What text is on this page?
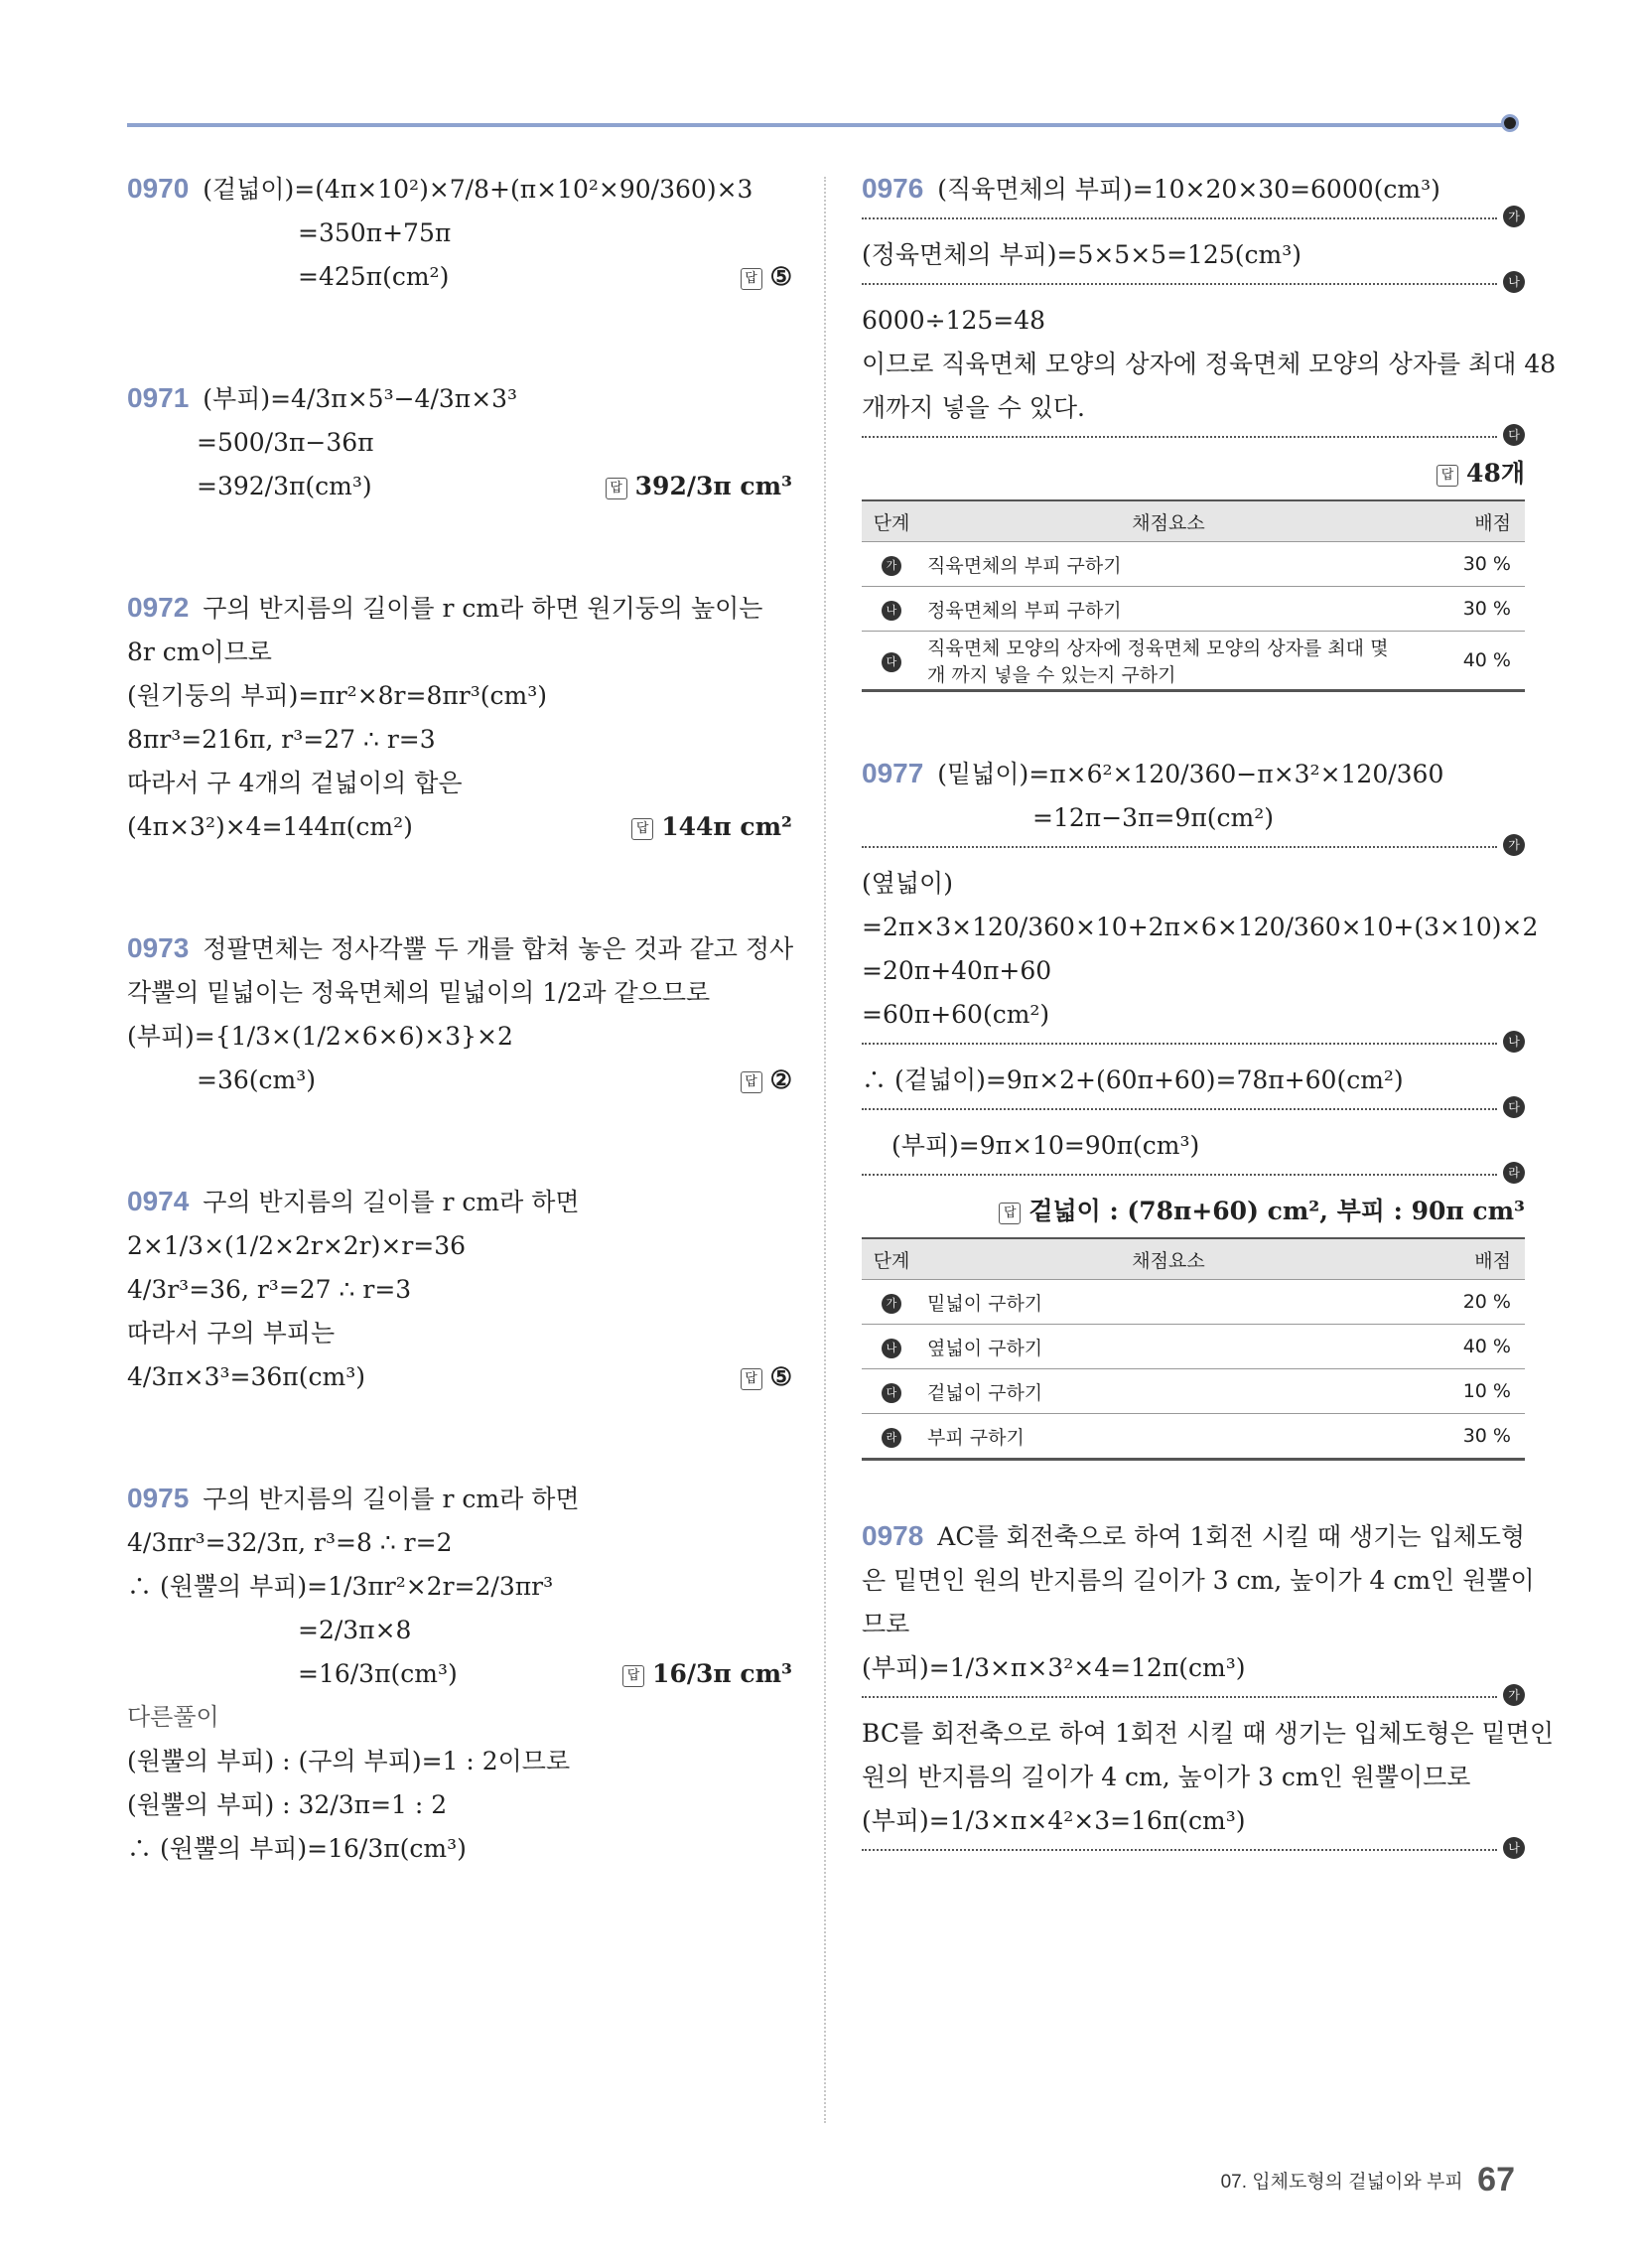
0970 (겉넓이)=(4π×10²)×7/8+(π×10²×90/360)×3
=350π+75π
=425π(cm²)	답 ⑤
0971 (부피)=4/3π×5³−4/3π×3³
=500/3π−36π
=392/3π(cm³)	답 392/3π cm³
0972 구의 반지름의 길이를 r cm라 하면 원기둥의 높이는
8r cm이므로
(원기둥의 부피)=πr²×8r=8πr³(cm³)
8πr³=216π, r³=27 ∴ r=3
따라서 구 4개의 겉넓이의 합은
(4π×3²)×4=144π(cm²)	답 144π cm²
0973 정팔면체는 정사각뿔 두 개를 합쳐 놓은 것과 같고 정사
각뿔의 밑넓이는 정육면체의 밑넓이의 1/2과 같으므로
(부피)={1/3×(1/2×6×6)×3}×2
=36(cm³)	답 ②
0974 구의 반지름의 길이를 r cm라 하면
2×1/3×(1/2×2r×2r)×r=36
4/3r³=36, r³=27 ∴ r=3
따라서 구의 부피는
4/3π×3³=36π(cm³)	답 ⑤
0975 구의 반지름의 길이를 r cm라 하면
4/3πr³=32/3π, r³=8 ∴ r=2
∴ (원뿔의 부피)=1/3πr²×2r=2/3πr³
=2/3π×8
=16/3π(cm³)	답 16/3π cm³
다른풀이
(원뿔의 부피) : (구의 부피)=1 : 2이므로
(원뿔의 부피) : 32/3π=1 : 2
∴ (원뿔의 부피)=16/3π(cm³)
0976 (직육면체의 부피)=10×20×30=6000(cm³)
가
(정육면체의 부피)=5×5×5=125(cm³)
나
6000÷125=48
이므로 직육면체 모양의 상자에 정육면체 모양의 상자를 최대 48
개까지 넣을 수 있다.
다
답 48개
단계	채점요소	배점
가	직육면체의 부피 구하기	30 %
나	정육면체의 부피 구하기	30 %
다	직육면체 모양의 상자에 정육면체 모양의 상자를 최대 몇 개 까지 넣을 수 있는지 구하기	40 %
0977 (밑넓이)=π×6²×120/360−π×3²×120/360
=12π−3π=9π(cm²)
가
(옆넓이)
=2π×3×120/360×10+2π×6×120/360×10+(3×10)×2
=20π+40π+60
=60π+60(cm²)
나
∴ (겉넓이)=9π×2+(60π+60)=78π+60(cm²)
다
(부피)=9π×10=90π(cm³)
라
답 겉넓이 : (78π+60) cm², 부피 : 90π cm³
단계	채점요소	배점
가	밑넓이 구하기	20 %
나	옆넓이 구하기	40 %
다	겉넓이 구하기	10 %
라	부피 구하기	30 %
0978 AC를 회전축으로 하여 1회전 시킬 때 생기는 입체도형
은 밑면인 원의 반지름의 길이가 3 cm, 높이가 4 cm인 원뿔이
므로
(부피)=1/3×π×3²×4=12π(cm³)
가
BC를 회전축으로 하여 1회전 시킬 때 생기는 입체도형은 밑면인
원의 반지름의 길이가 4 cm, 높이가 3 cm인 원뿔이므로
(부피)=1/3×π×4²×3=16π(cm³)
나
07. 입체도형의 겉넓이와 부피 67
